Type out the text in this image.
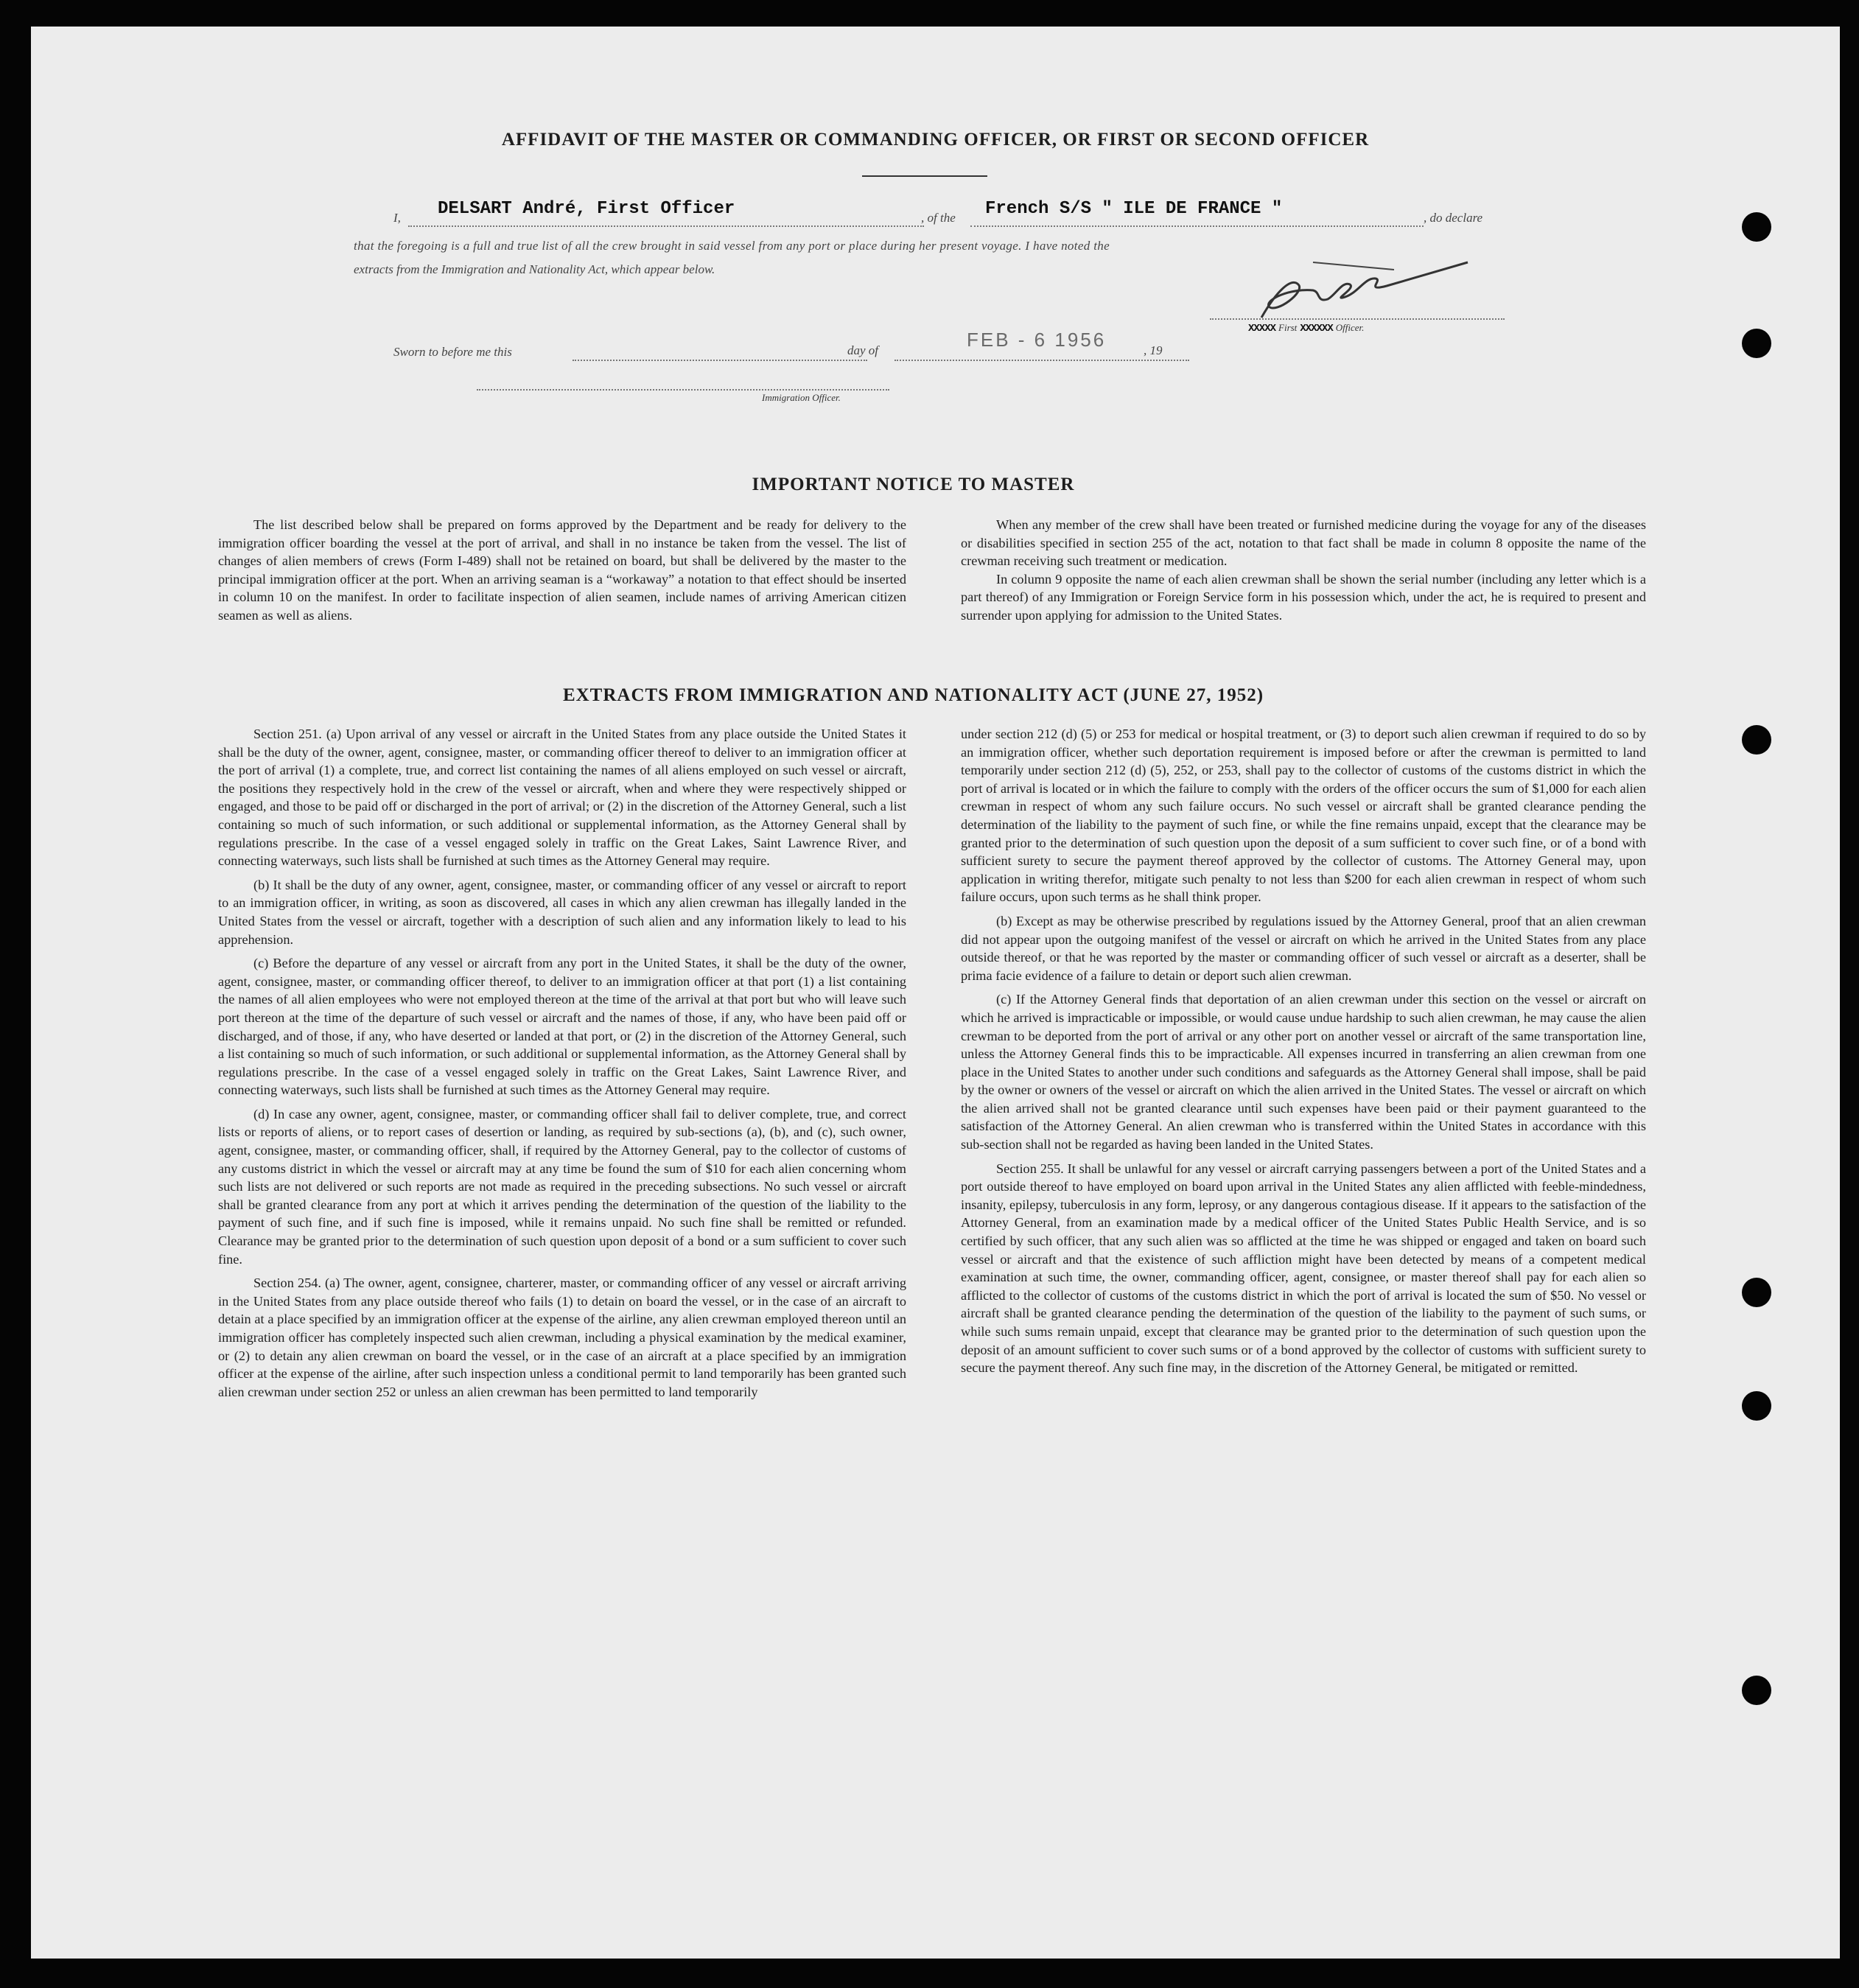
AFFIDAVIT OF THE MASTER OR COMMANDING OFFICER, OR FIRST OR SECOND OFFICER
I, DELSART André, First Officer	, of the French S/S " ILE DE FRANCE "	, do declare
that the foregoing is a full and true list of all the crew brought in said vessel from any port or place during her present voyage. I have noted the
extracts from the Immigration and Nationality Act, which appear below.
XXXXX First XXXXXX Officer.
Sworn to before me this	day of	FEB - 6 1956	, 19
Immigration Officer.
IMPORTANT NOTICE TO MASTER

The list described below shall be prepared on forms approved by the Department and be ready for delivery to the immigration officer boarding the vessel at the port of arrival, and shall in no instance be taken from the vessel. The list of changes of alien members of crews (Form I-489) shall not be retained on board, but shall be delivered by the master to the principal immigration officer at the port. When an arriving seaman is a “workaway” a notation to that effect should be inserted in column 10 on the manifest. In order to facilitate inspection of alien seamen, include names of arriving American citizen seamen as well as aliens.

When any member of the crew shall have been treated or furnished medicine during the voyage for any of the diseases or disabilities specified in section 255 of the act, notation to that fact shall be made in column 8 opposite the name of the crewman receiving such treatment or medication.

In column 9 opposite the name of each alien crewman shall be shown the serial number (including any letter which is a part thereof) of any Immigration or Foreign Service form in his possession which, under the act, he is required to present and surrender upon applying for admission to the United States.

EXTRACTS FROM IMMIGRATION AND NATIONALITY ACT (JUNE 27, 1952)

Section 251. (a) Upon arrival of any vessel or aircraft in the United States from any place outside the United States it shall be the duty of the owner, agent, consignee, master, or commanding officer thereof to deliver to an immigration officer at the port of arrival (1) a complete, true, and correct list containing the names of all aliens employed on such vessel or aircraft, the positions they respectively hold in the crew of the vessel or aircraft, when and where they were respectively shipped or engaged, and those to be paid off or discharged in the port of arrival; or (2) in the discretion of the Attorney General, such a list containing so much of such information, or such additional or supplemental information, as the Attorney General shall by regulations prescribe. In the case of a vessel engaged solely in traffic on the Great Lakes, Saint Lawrence River, and connecting waterways, such lists shall be furnished at such times as the Attorney General may require.

(b) It shall be the duty of any owner, agent, consignee, master, or commanding officer of any vessel or aircraft to report to an immigration officer, in writing, as soon as discovered, all cases in which any alien crewman has illegally landed in the United States from the vessel or aircraft, together with a description of such alien and any information likely to lead to his apprehension.

(c) Before the departure of any vessel or aircraft from any port in the United States, it shall be the duty of the owner, agent, consignee, master, or commanding officer thereof, to deliver to an immigration officer at that port (1) a list containing the names of all alien employees who were not employed thereon at the time of the arrival at that port but who will leave such port thereon at the time of the departure of such vessel or aircraft and the names of those, if any, who have been paid off or discharged, and of those, if any, who have deserted or landed at that port, or (2) in the discretion of the Attorney General, such a list containing so much of such information, or such additional or supplemental information, as the Attorney General shall by regulations prescribe. In the case of a vessel engaged solely in traffic on the Great Lakes, Saint Lawrence River, and connecting waterways, such lists shall be furnished at such times as the Attorney General may require.

(d) In case any owner, agent, consignee, master, or commanding officer shall fail to deliver complete, true, and correct lists or reports of aliens, or to report cases of desertion or landing, as required by sub-sections (a), (b), and (c), such owner, agent, consignee, master, or commanding officer, shall, if required by the Attorney General, pay to the collector of customs of any customs district in which the vessel or aircraft may at any time be found the sum of $10 for each alien concerning whom such lists are not delivered or such reports are not made as required in the preceding subsections. No such vessel or aircraft shall be granted clearance from any port at which it arrives pending the determination of the question of the liability to the payment of such fine, and if such fine is imposed, while it remains unpaid. No such fine shall be remitted or refunded. Clearance may be granted prior to the determination of such question upon deposit of a bond or a sum sufficient to cover such fine.

Section 254. (a) The owner, agent, consignee, charterer, master, or commanding officer of any vessel or aircraft arriving in the United States from any place outside thereof who fails (1) to detain on board the vessel, or in the case of an aircraft to detain at a place specified by an immigration officer at the expense of the airline, any alien crewman employed thereon until an immigration officer has completely inspected such alien crewman, including a physical examination by the medical examiner, or (2) to detain any alien crewman on board the vessel, or in the case of an aircraft at a place specified by an immigration officer at the expense of the airline, after such inspection unless a conditional permit to land temporarily has been granted such alien crewman under section 252 or unless an alien crewman has been permitted to land temporarily

under section 212 (d) (5) or 253 for medical or hospital treatment, or (3) to deport such alien crewman if required to do so by an immigration officer, whether such deportation requirement is imposed before or after the crewman is permitted to land temporarily under section 212 (d) (5), 252, or 253, shall pay to the collector of customs of the customs district in which the port of arrival is located or in which the failure to comply with the orders of the officer occurs the sum of $1,000 for each alien crewman in respect of whom any such failure occurs. No such vessel or aircraft shall be granted clearance pending the determination of the liability to the payment of such fine, or while the fine remains unpaid, except that the clearance may be granted prior to the determination of such question upon the deposit of a sum sufficient to cover such fine, or of a bond with sufficient surety to secure the payment thereof approved by the collector of customs. The Attorney General may, upon application in writing therefor, mitigate such penalty to not less than $200 for each alien crewman in respect of whom such failure occurs, upon such terms as he shall think proper.

(b) Except as may be otherwise prescribed by regulations issued by the Attorney General, proof that an alien crewman did not appear upon the outgoing manifest of the vessel or aircraft on which he arrived in the United States from any place outside thereof, or that he was reported by the master or commanding officer of such vessel or aircraft as a deserter, shall be prima facie evidence of a failure to detain or deport such alien crewman.

(c) If the Attorney General finds that deportation of an alien crewman under this section on the vessel or aircraft on which he arrived is impracticable or impossible, or would cause undue hardship to such alien crewman, he may cause the alien crewman to be deported from the port of arrival or any other port on another vessel or aircraft of the same transportation line, unless the Attorney General finds this to be impracticable. All expenses incurred in transferring an alien crewman from one place in the United States to another under such conditions and safeguards as the Attorney General shall impose, shall be paid by the owner or owners of the vessel or aircraft on which the alien arrived in the United States. The vessel or aircraft on which the alien arrived shall not be granted clearance until such expenses have been paid or their payment guaranteed to the satisfaction of the Attorney General. An alien crewman who is transferred within the United States in accordance with this sub-section shall not be regarded as having been landed in the United States.

Section 255. It shall be unlawful for any vessel or aircraft carrying passengers between a port of the United States and a port outside thereof to have employed on board upon arrival in the United States any alien afflicted with feeble-mindedness, insanity, epilepsy, tuberculosis in any form, leprosy, or any dangerous contagious disease. If it appears to the satisfaction of the Attorney General, from an examination made by a medical officer of the United States Public Health Service, and is so certified by such officer, that any such alien was so afflicted at the time he was shipped or engaged and taken on board such vessel or aircraft and that the existence of such affliction might have been detected by means of a competent medical examination at such time, the owner, commanding officer, agent, consignee, or master thereof shall pay for each alien so afflicted to the collector of customs of the customs district in which the port of arrival is located the sum of $50. No vessel or aircraft shall be granted clearance pending the determination of the question of the liability to the payment of such sums, or while such sums remain unpaid, except that clearance may be granted prior to the determination of such question upon the deposit of an amount sufficient to cover such sums or of a bond approved by the collector of customs with sufficient surety to secure the payment thereof. Any such fine may, in the discretion of the Attorney General, be mitigated or remitted.
